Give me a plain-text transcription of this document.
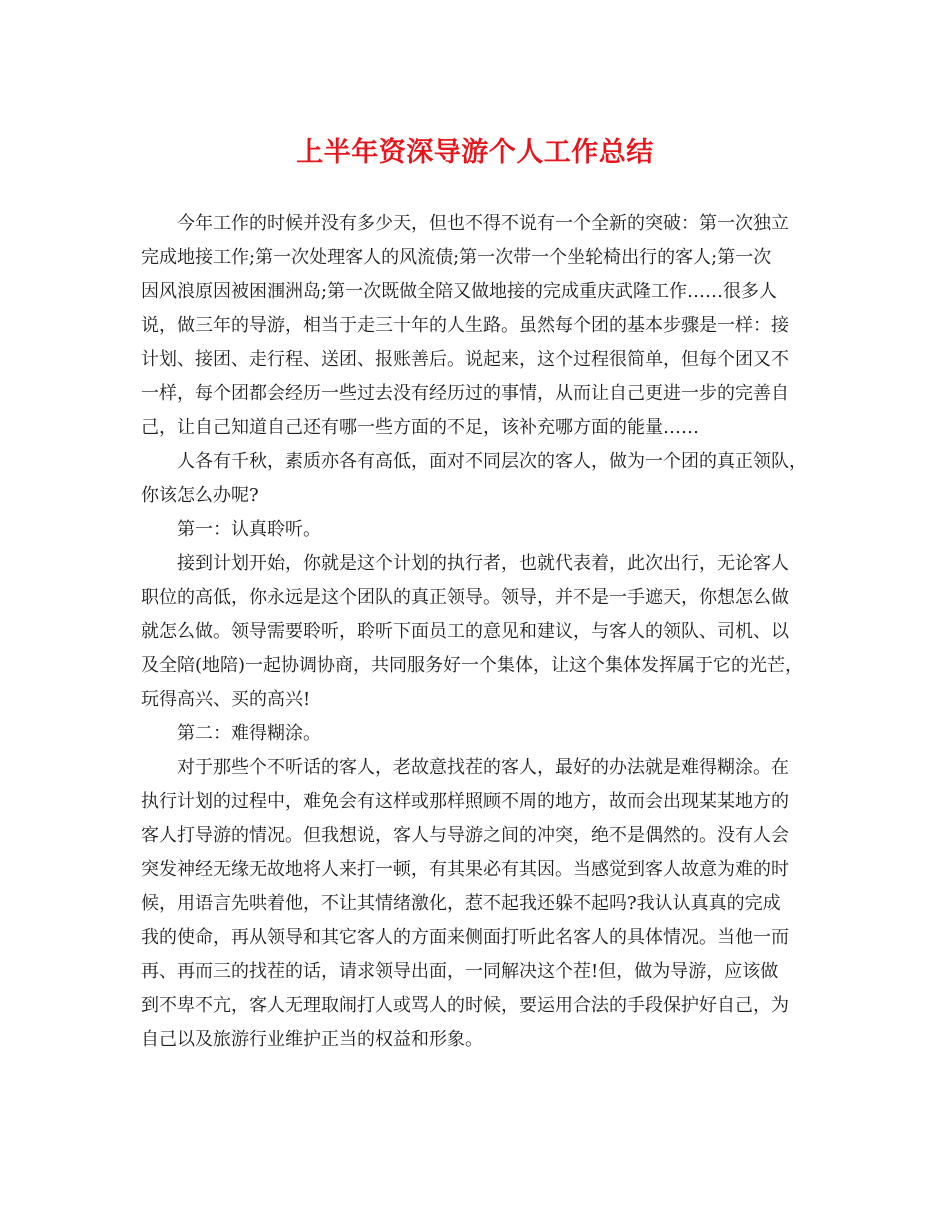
上半年资深导游个人工作总结
今年工作的时候并没有多少天，但也不得不说有一个全新的突破：第一次独立
完成地接工作;第一次处理客人的风流债;第一次带一个坐轮椅出行的客人;第一次
因风浪原因被困涠洲岛;第一次既做全陪又做地接的完成重庆武隆工作……很多人
说，做三年的导游，相当于走三十年的人生路。虽然每个团的基本步骤是一样：接
计划、接团、走行程、送团、报账善后。说起来，这个过程很简单，但每个团又不
一样，每个团都会经历一些过去没有经历过的事情，从而让自己更进一步的完善自
己，让自己知道自己还有哪一些方面的不足，该补充哪方面的能量……
人各有千秋，素质亦各有高低，面对不同层次的客人，做为一个团的真正领队，
你该怎么办呢?
第一：认真聆听。
接到计划开始，你就是这个计划的执行者，也就代表着，此次出行，无论客人
职位的高低，你永远是这个团队的真正领导。领导，并不是一手遮天，你想怎么做
就怎么做。领导需要聆听，聆听下面员工的意见和建议，与客人的领队、司机、以
及全陪(地陪)一起协调协商，共同服务好一个集体，让这个集体发挥属于它的光芒，
玩得高兴、买的高兴!
第二：难得糊涂。
对于那些个不听话的客人，老故意找茬的客人，最好的办法就是难得糊涂。在
执行计划的过程中，难免会有这样或那样照顾不周的地方，故而会出现某某地方的
客人打导游的情况。但我想说，客人与导游之间的冲突，绝不是偶然的。没有人会
突发神经无缘无故地将人来打一顿，有其果必有其因。当感觉到客人故意为难的时
候，用语言先哄着他，不让其情绪激化，惹不起我还躲不起吗?我认认真真的完成
我的使命，再从领导和其它客人的方面来侧面打听此名客人的具体情况。当他一而
再、再而三的找茬的话，请求领导出面，一同解决这个茬!但，做为导游，应该做
到不卑不亢，客人无理取闹打人或骂人的时候，要运用合法的手段保护好自己，为
自己以及旅游行业维护正当的权益和形象。
